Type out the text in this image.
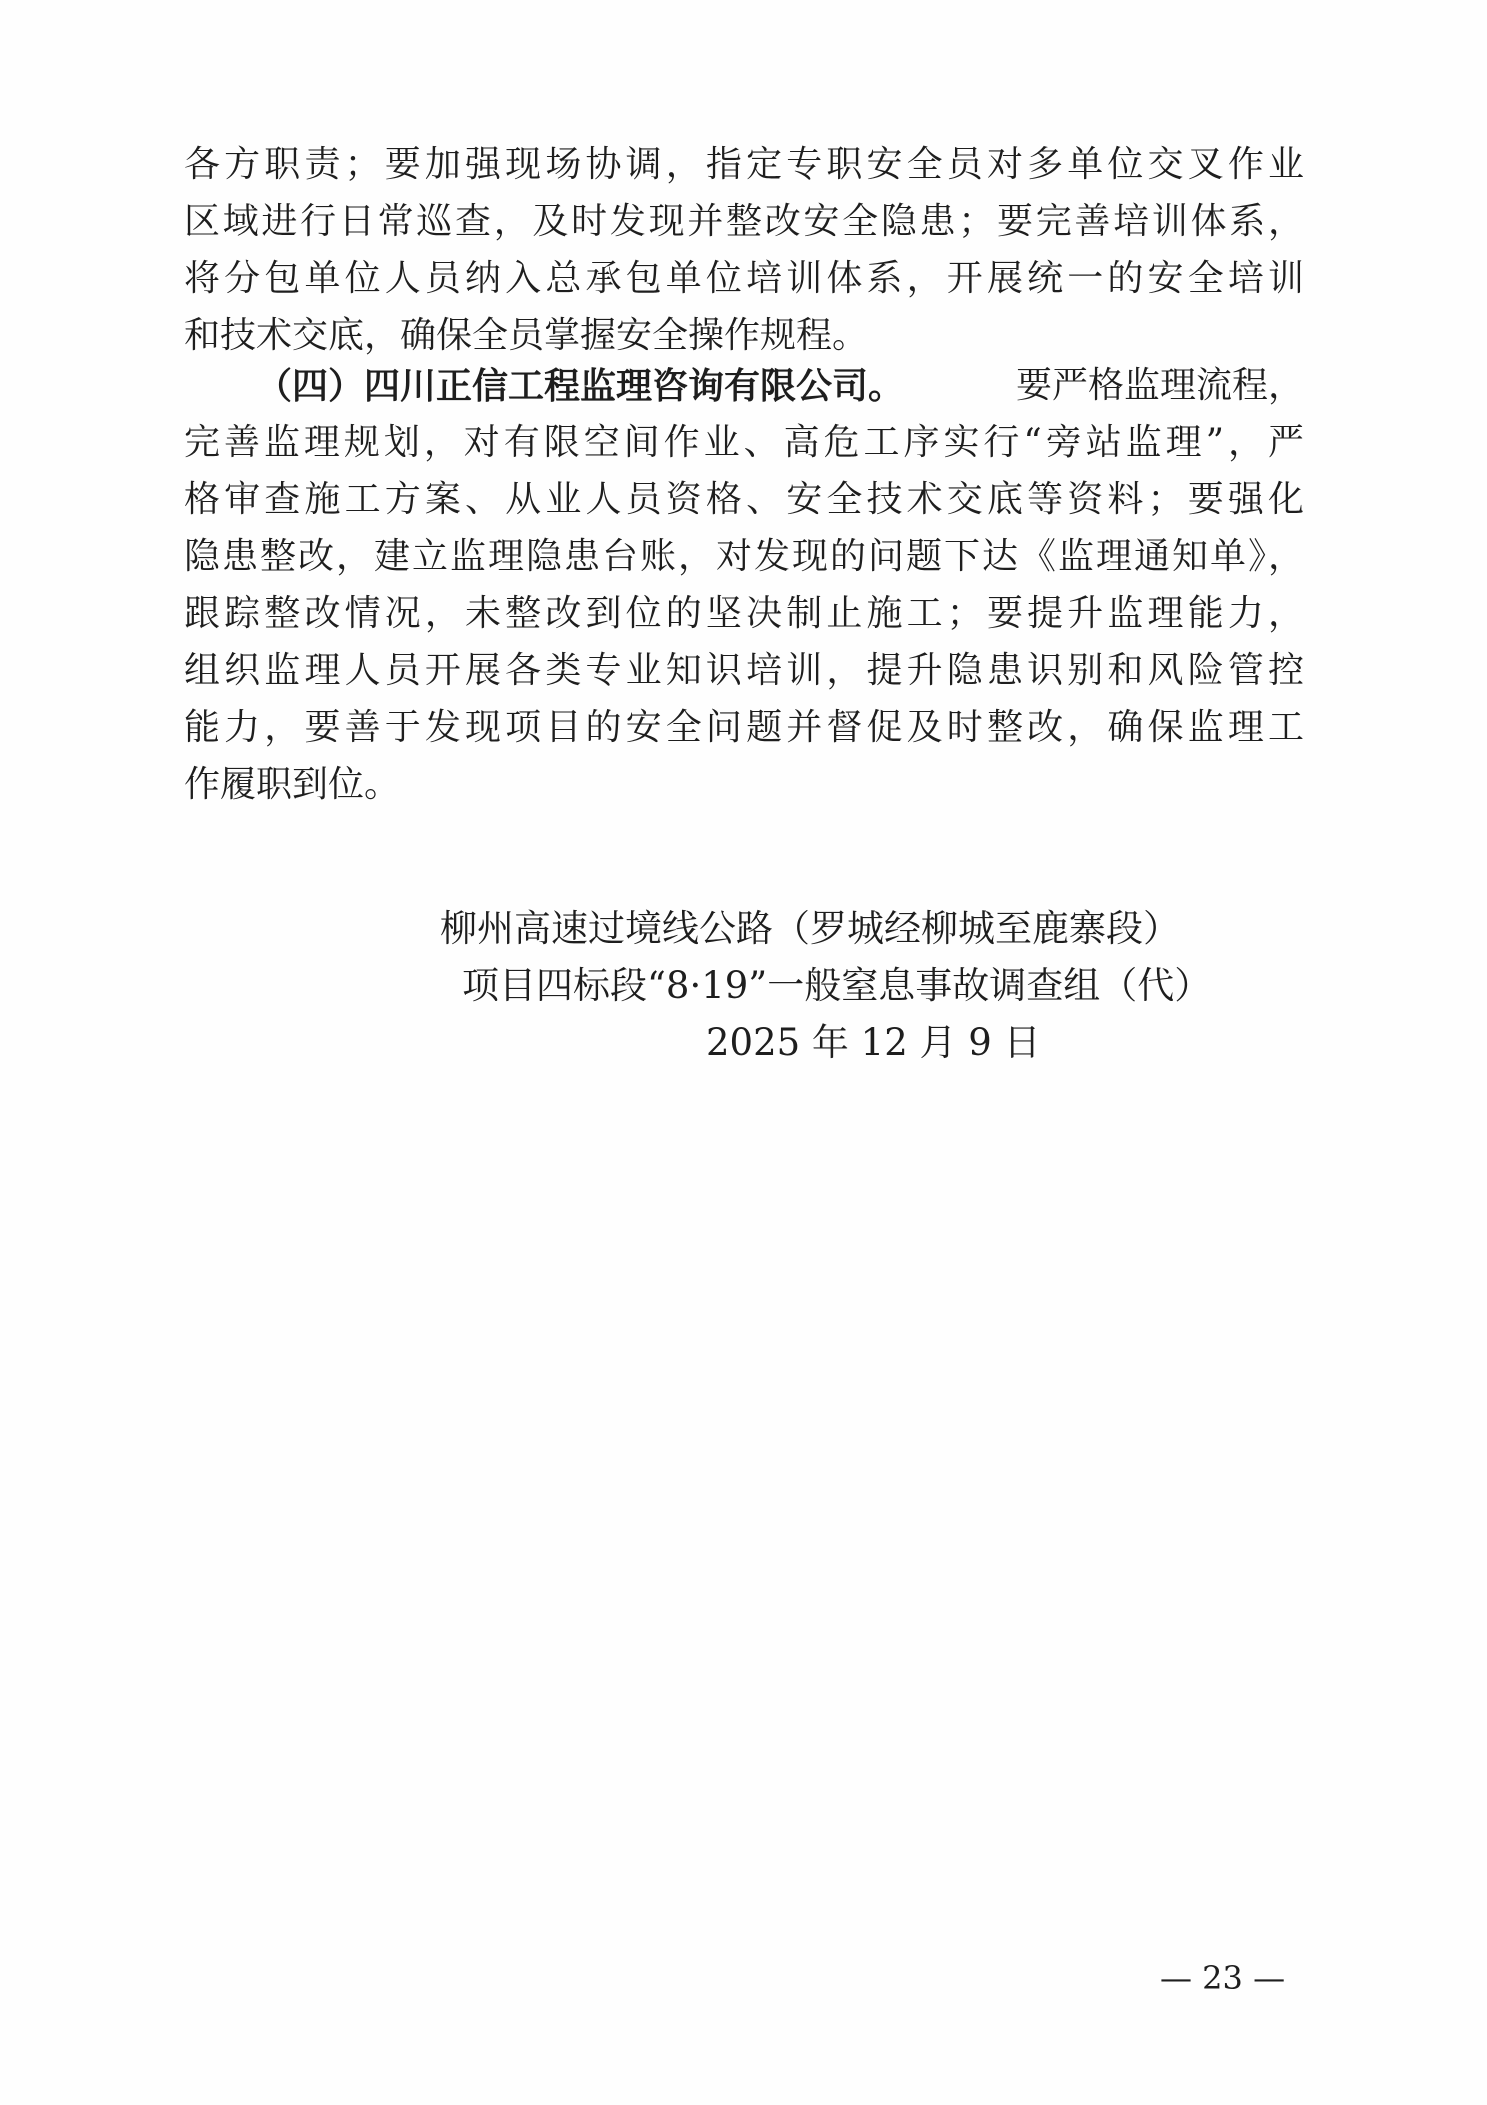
各方职责；要加强现场协调，指定专职安全员对多单位交叉作业
区域进行日常巡查，及时发现并整改安全隐患；要完善培训体系，
将分包单位人员纳入总承包单位培训体系，开展统一的安全培训
和技术交底，确保全员掌握安全操作规程。
（四）四川正信工程监理咨询有限公司。	要严格监理流程，
完善监理规划，对有限空间作业、高危工序实行“旁站监理”，严
格审查施工方案、从业人员资格、安全技术交底等资料；要强化
隐患整改，建立监理隐患台账，对发现的问题下达《监理通知单》，
跟踪整改情况，未整改到位的坚决制止施工；要提升监理能力，
组织监理人员开展各类专业知识培训，提升隐患识别和风险管控
能力，要善于发现项目的安全问题并督促及时整改，确保监理工
作履职到位。
柳州高速过境线公路（罗城经柳城至鹿寨段）
项目四标段“8·19”一般窒息事故调查组（代）
2025 年 12 月 9 日
— 23 —
